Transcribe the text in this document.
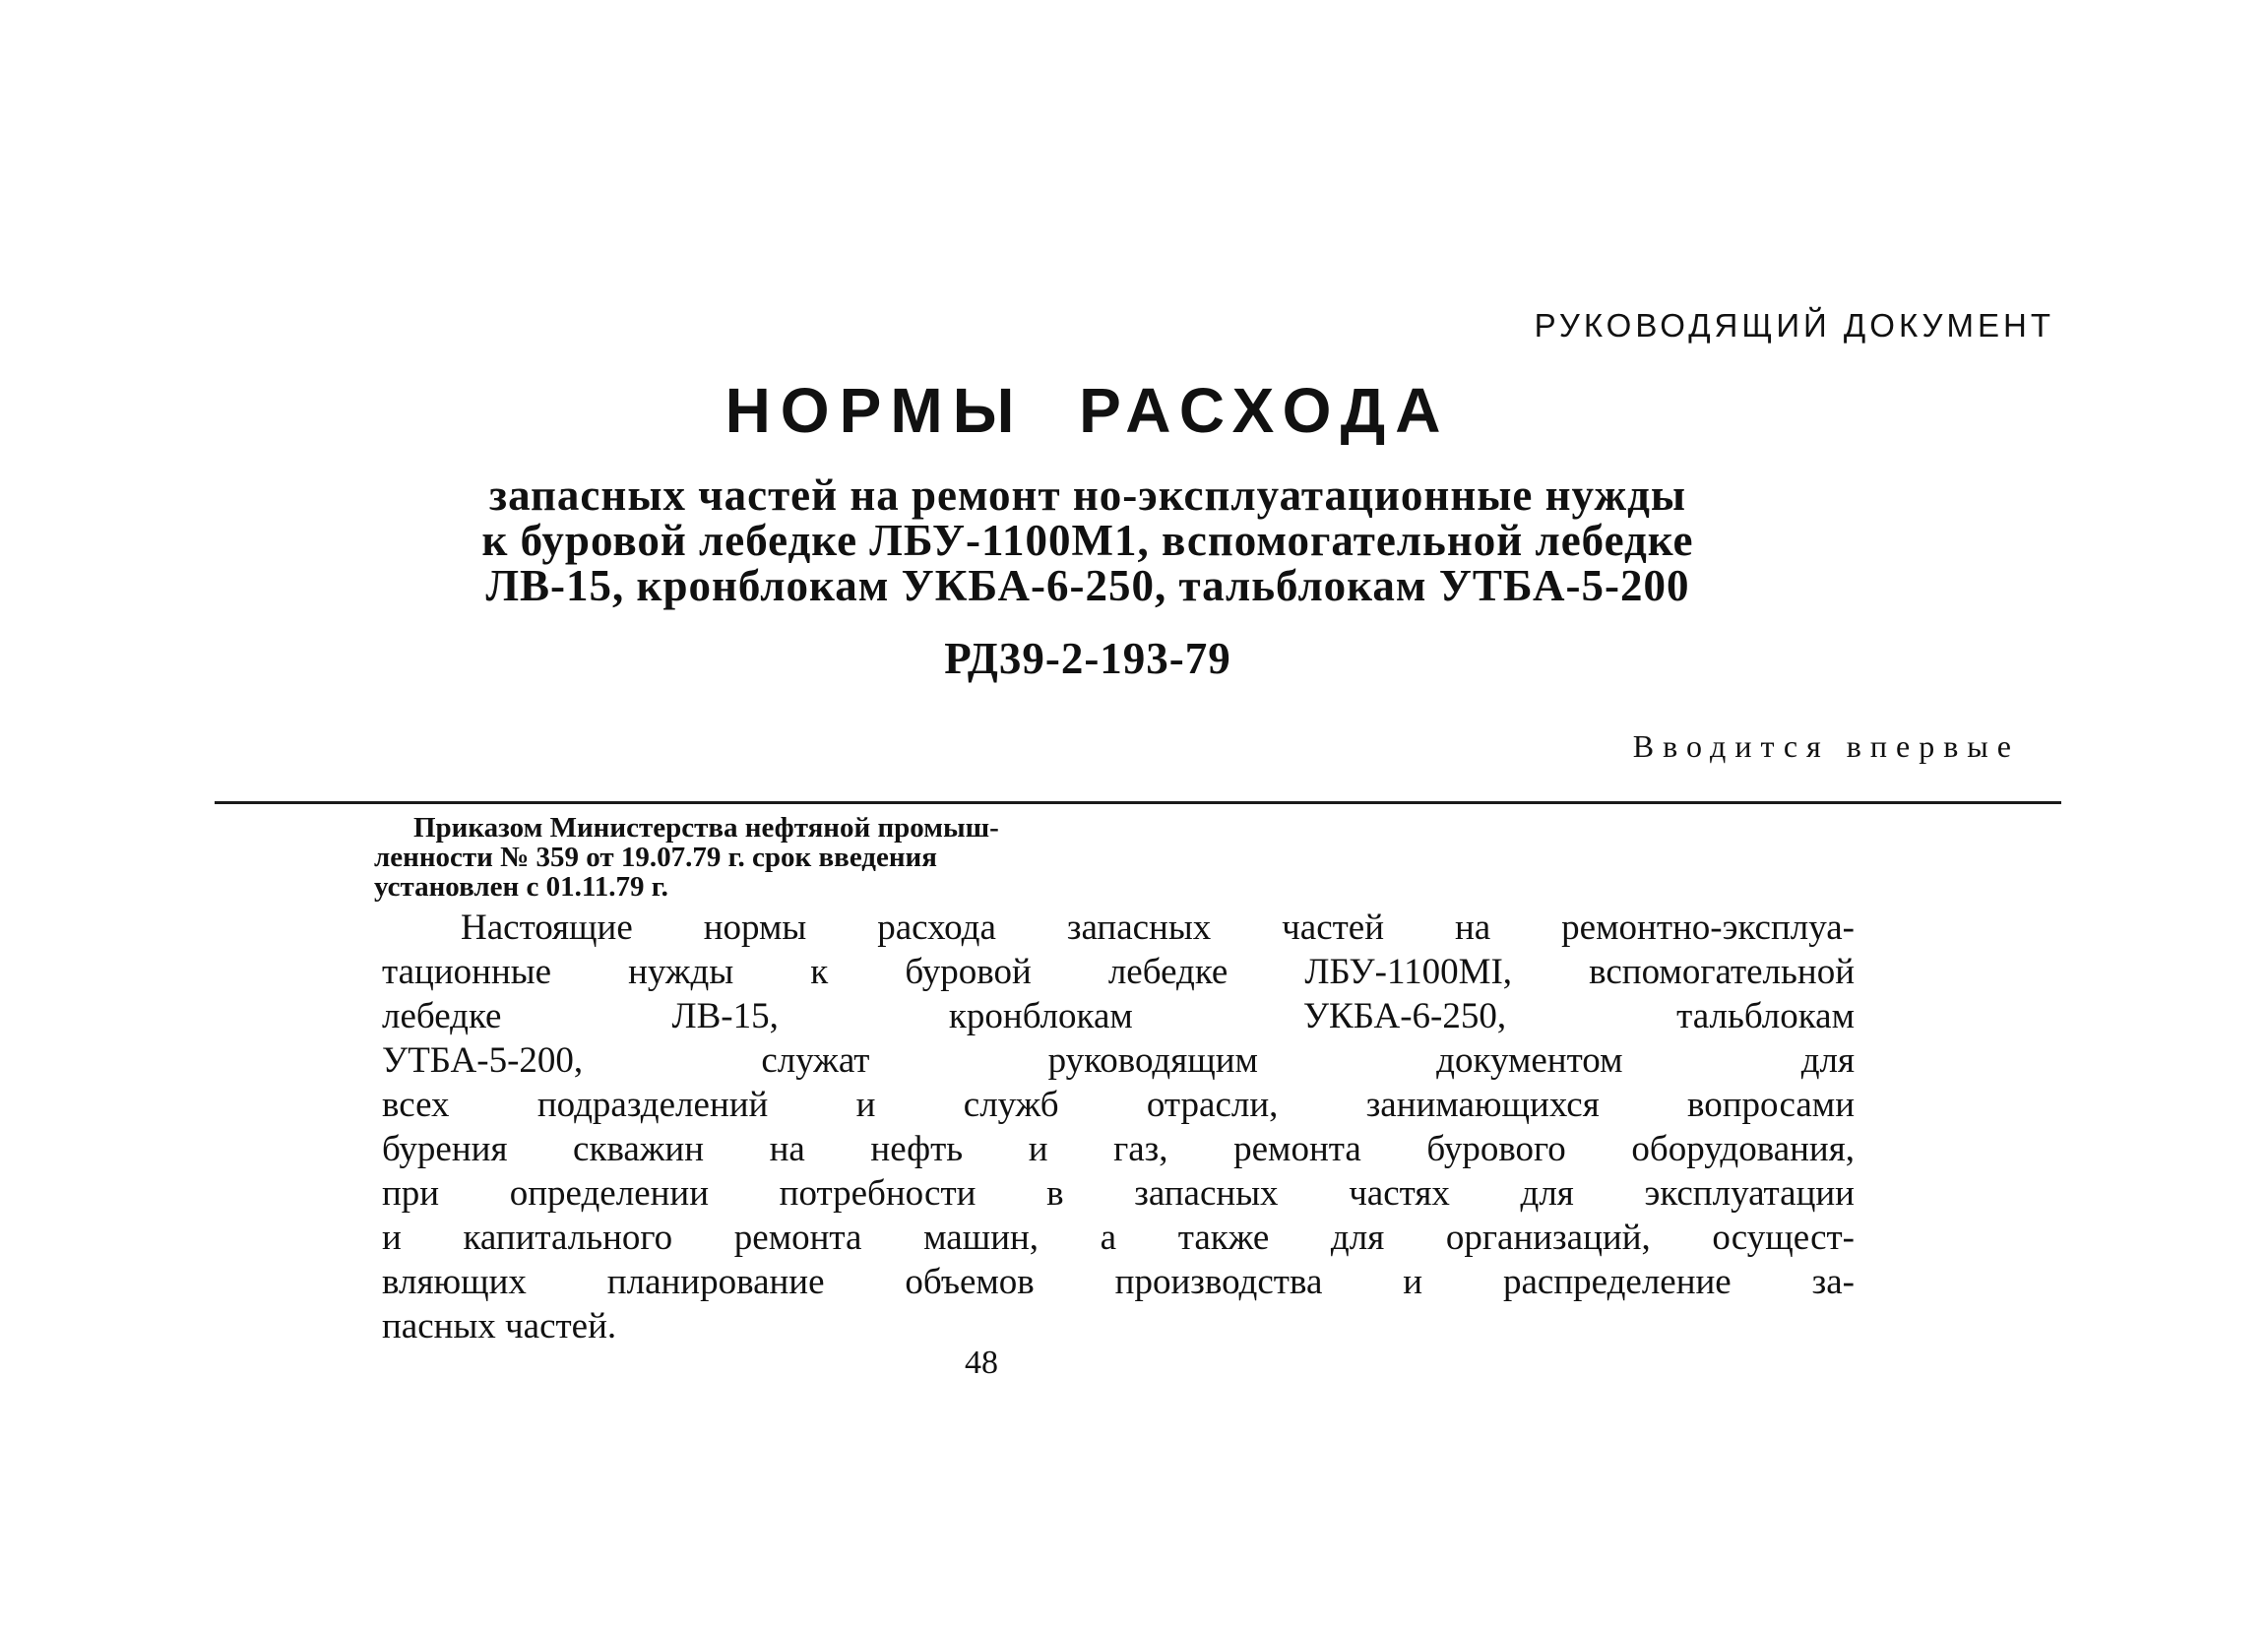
РУКОВОДЯЩИЙ ДОКУМЕНТ
НОРМЫ РАСХОДА
запасных частей на ремонт но-эксплуатационные нужды
к буровой лебедке ЛБУ-1100М1, вспомогательной лебедке
ЛВ-15, кронблокам УКБА-6-250, тальблокам УТБА-5-200
РД39-2-193-79
Вводится впервые
Приказом Министерства нефтяной промыш-
ленности № 359 от 19.07.79 г. срок введения
установлен с 01.11.79 г.
Настоящие нормы расхода запасных частей на ремонтно-эксплуа-
тационные нужды к буровой лебедке ЛБУ-1100МI, вспомогательной
лебедке ЛВ-15, кронблокам УКБА-6-250, тальблокам
УТБА-5-200, служат руководящим документом для
всех подразделений и служб отрасли, занимающихся вопросами
бурения скважин на нефть и газ, ремонта бурового оборудования,
при определении потребности в запасных частях для эксплуатации
и капитального ремонта машин, а также для организаций, осущест-
вляющих планирование объемов производства и распределение за-
пасных частей.
48
